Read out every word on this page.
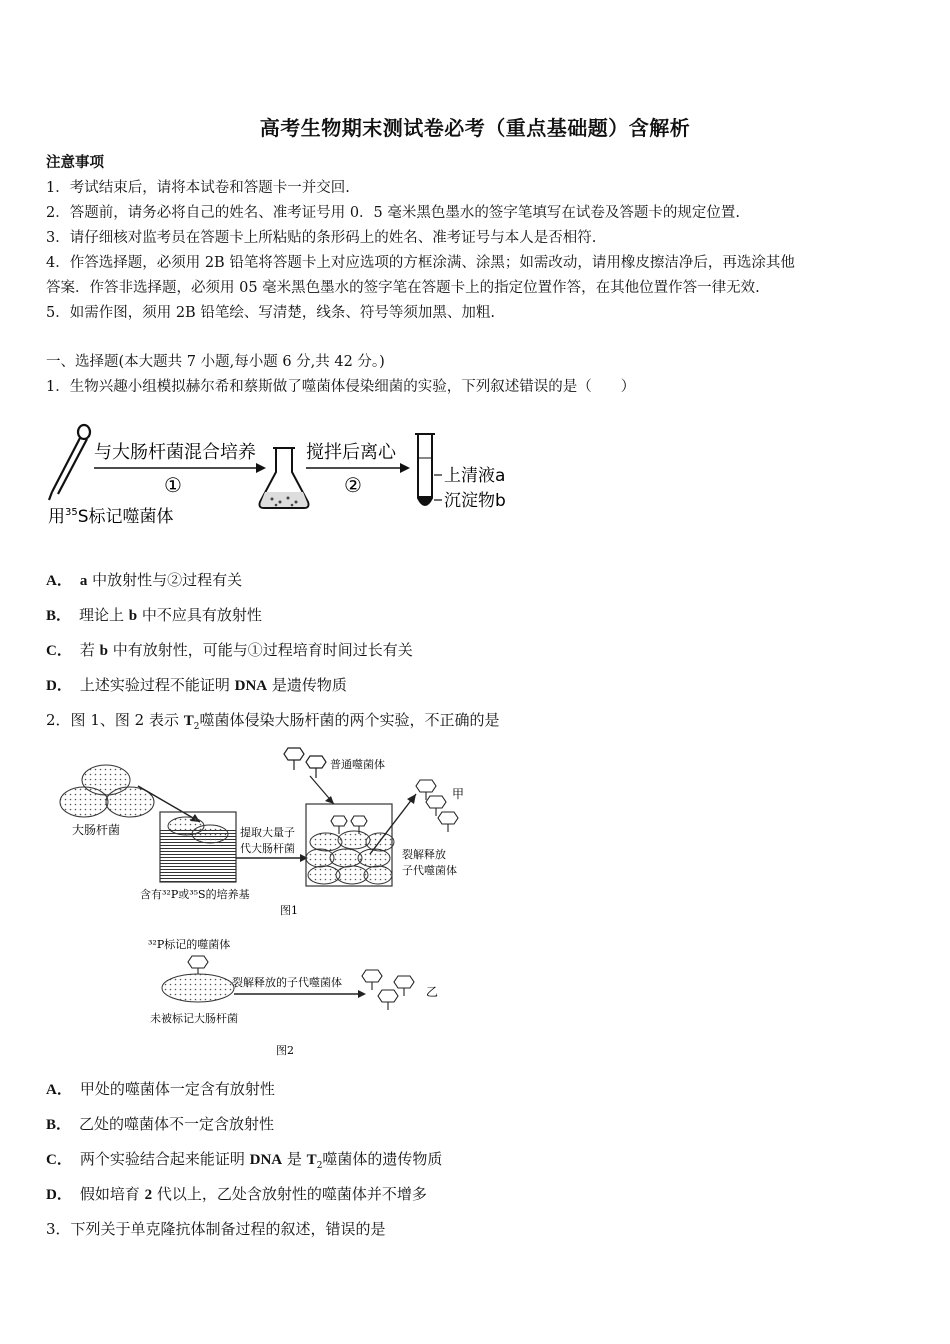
高考生物期末测试卷必考（重点基础题）含解析
注意事项
1．考试结束后，请将本试卷和答题卡一并交回.
2．答题前，请务必将自己的姓名、准考证号用 0．5 毫米黑色墨水的签字笔填写在试卷及答题卡的规定位置.
3．请仔细核对监考员在答题卡上所粘贴的条形码上的姓名、准考证号与本人是否相符.
4．作答选择题，必须用 2B 铅笔将答题卡上对应选项的方框涂满、涂黑；如需改动，请用橡皮擦洁净后，再选涂其他
答案．作答非选择题，必须用 05 毫米黑色墨水的签字笔在答题卡上的指定位置作答，在其他位置作答一律无效.
5．如需作图，须用 2B 铅笔绘、写清楚，线条、符号等须加黑、加粗.
一、选择题(本大题共 7 小题,每小题 6 分,共 42 分。)
1．生物兴趣小组模拟赫尔希和蔡斯做了噬菌体侵染细菌的实验，下列叙述错误的是（　　）
与大肠杆菌混合培养
①
用$^{35}$S标记噬菌体
搅拌后离心
②	上清液a
沉淀物b
A． a 中放射性与②过程有关
B． 理论上 b 中不应具有放射性
C． 若 b 中有放射性，可能与①过程培育时间过长有关
D． 上述实验过程不能证明 DNA 是遗传物质
2．图 1、图 2 表示 $T_2$噬菌体侵染大肠杆菌的两个实验，不正确的是
大肠杆菌
含有³²P或³⁵S的培养基
提取大量子
代大肠杆菌
普通噬菌体
裂解释放
子代噬菌体
甲
图1
³²P标记的噬菌体
未被标记大肠杆菌
裂解释放的子代噬菌体
乙
图2
A． 甲处的噬菌体一定含有放射性
B． 乙处的噬菌体不一定含放射性
C． 两个实验结合起来能证明 DNA 是 $T_2$噬菌体的遗传物质
D． 假如培育 2 代以上，乙处含放射性的噬菌体并不增多
3．下列关于单克隆抗体制备过程的叙述，错误的是
